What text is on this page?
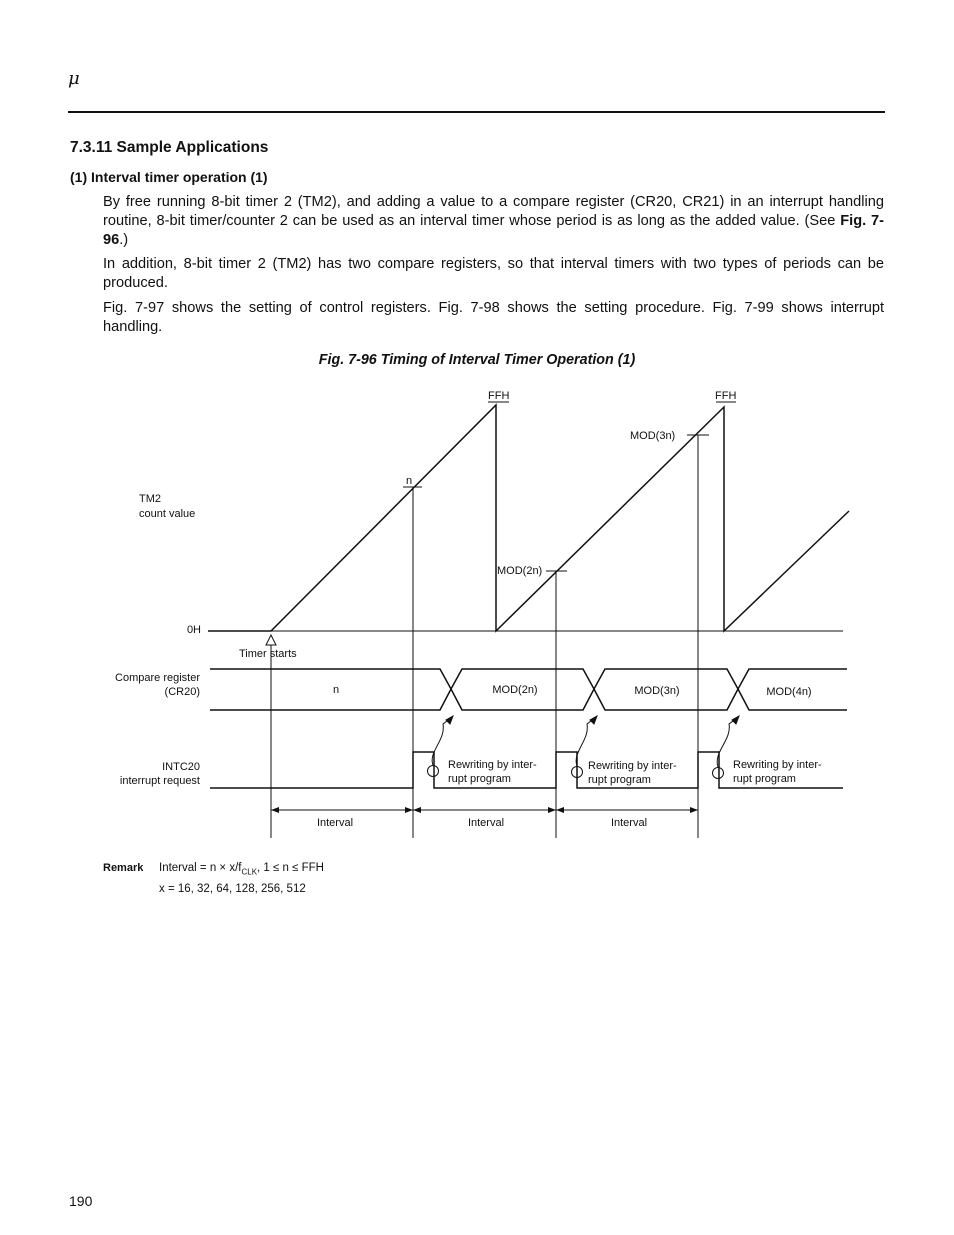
μ
7.3.11 Sample Applications
(1) Interval timer operation (1)
By free running 8-bit timer 2 (TM2), and adding a value to a compare register (CR20, CR21) in an interrupt handling routine, 8-bit timer/counter 2 can be used as an interval timer whose period is as long as the added value. (See Fig. 7-96.)
In addition, 8-bit timer 2 (TM2) has two compare registers, so that interval timers with two types of periods can be produced.
Fig. 7-97 shows the setting of control registers. Fig. 7-98 shows the setting procedure. Fig. 7-99 shows interrupt handling.
Fig. 7-96 Timing of Interval Timer Operation (1)
FFH	FFH
MOD(3n)
n
TM2
count value
MOD(2n)
0H
Timer starts
Compare register
(CR20)	n	MOD(2n)	MOD(3n)	MOD(4n)
INTC20
interrupt request
Rewriting by inter-
rupt program
Rewriting by inter-
rupt program
Rewriting by inter-
rupt program
Interval	Interval	Interval
Remark Interval = $n \times x/f_{CLK}$, 1 ≤ n ≤ FFH
x = 16, 32, 64, 128, 256, 512
190
